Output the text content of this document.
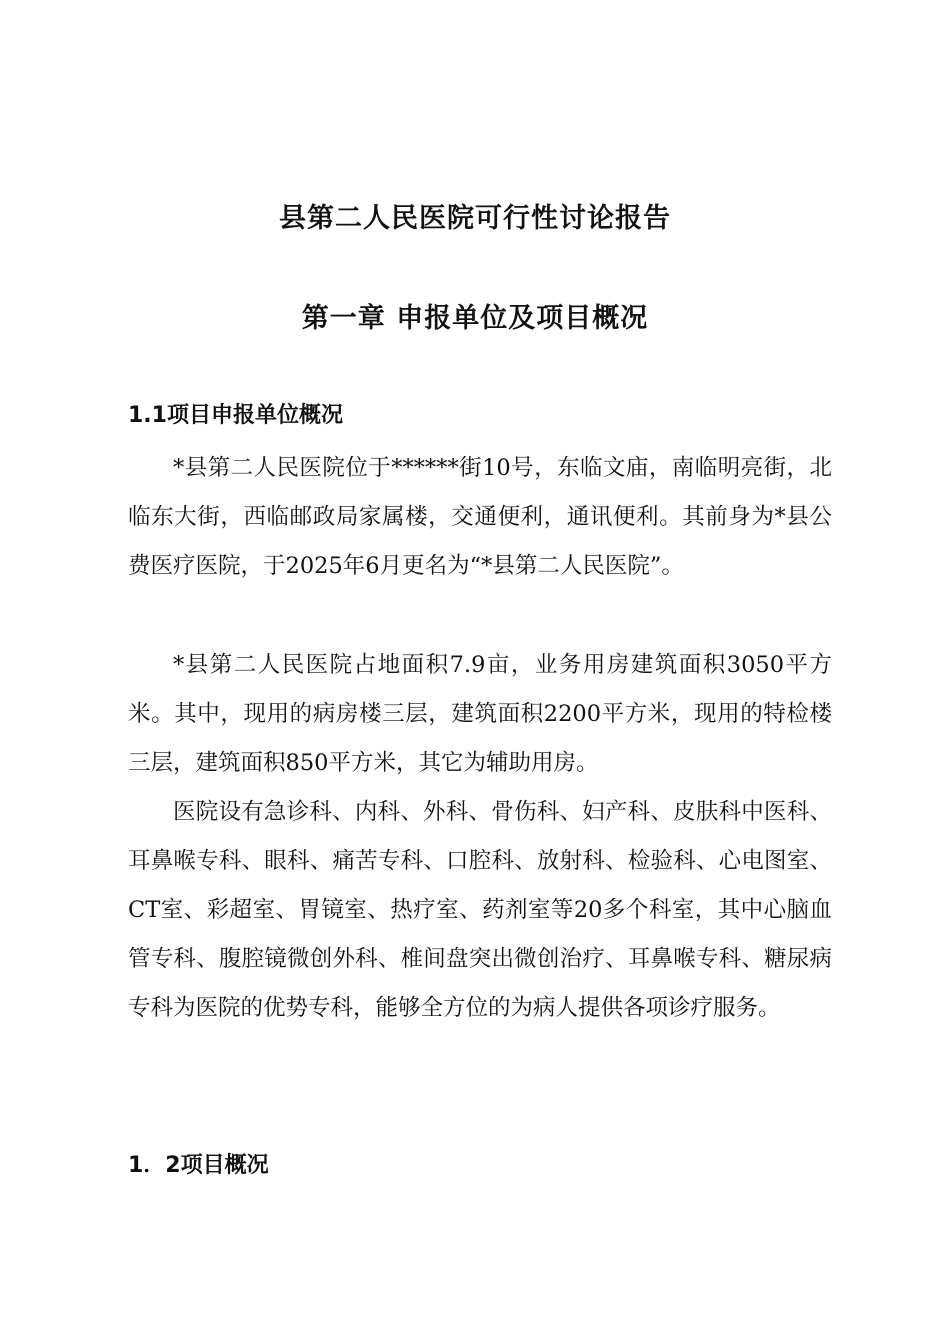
县第二人民医院可行性讨论报告
第一章 申报单位及项目概况
1.1项目申报单位概况

*县第二人民医院位于******街10号，东临文庙，南临明亮街，北临东大街，西临邮政局家属楼，交通便利，通讯便利。其前身为*县公费医疗医院，于2025年6月更名为“*县第二人民医院”。

*县第二人民医院占地面积7.9亩，业务用房建筑面积3050平方米。其中，现用的病房楼三层，建筑面积2200平方米，现用的特检楼三层，建筑面积850平方米，其它为辅助用房。

医院设有急诊科、内科、外科、骨伤科、妇产科、皮肤科中医科、耳鼻喉专科、眼科、痛苦专科、口腔科、放射科、检验科、心电图室、CT室、彩超室、胃镜室、热疗室、药剂室等20多个科室，其中心脑血管专科、腹腔镜微创外科、椎间盘突出微创治疗、耳鼻喉专科、糖尿病专科为医院的优势专科，能够全方位的为病人提供各项诊疗服务。

1．2项目概况
